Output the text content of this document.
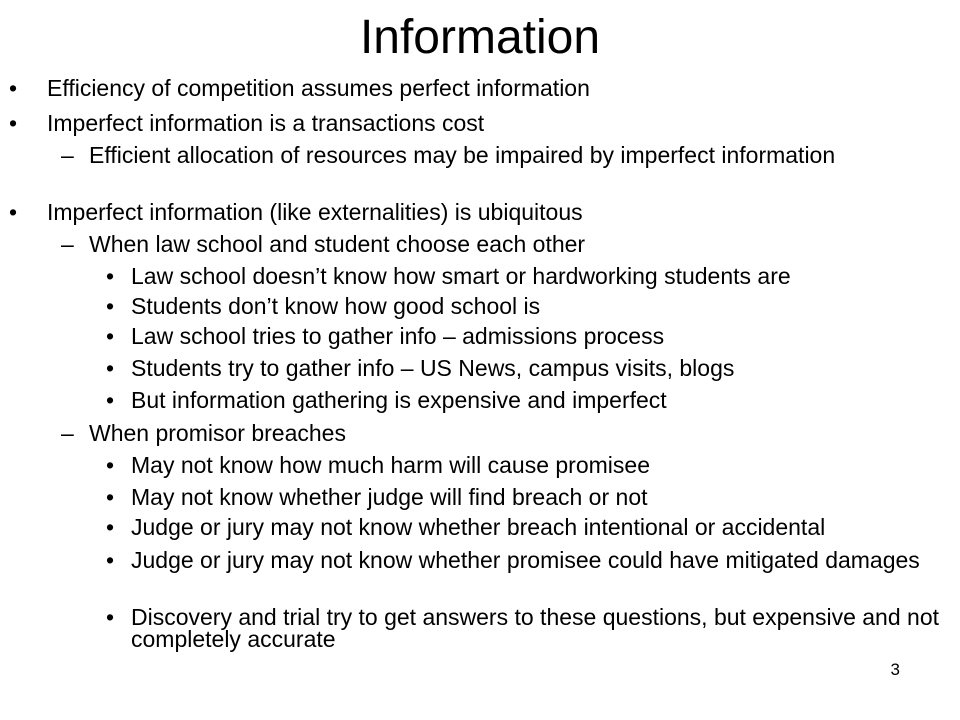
Information
• Efficiency of competition assumes perfect information
• Imperfect information is a transactions cost
– Efficient allocation of resources may be impaired by imperfect information
• Imperfect information (like externalities) is ubiquitous
– When law school and student choose each other
• Law school doesn’t know how smart or hardworking students are
• Students don’t know how good school is
• Law school tries to gather info – admissions process
• Students try to gather info – US News, campus visits, blogs
• But information gathering is expensive and imperfect
– When promisor breaches
• May not know how much harm will cause promisee
• May not know whether judge will find breach or not
• Judge or jury may not know whether breach intentional or accidental
• Judge or jury may not know whether promisee could have mitigated damages
• Discovery and trial try to get answers to these questions, but expensive and not completely accurate
3
